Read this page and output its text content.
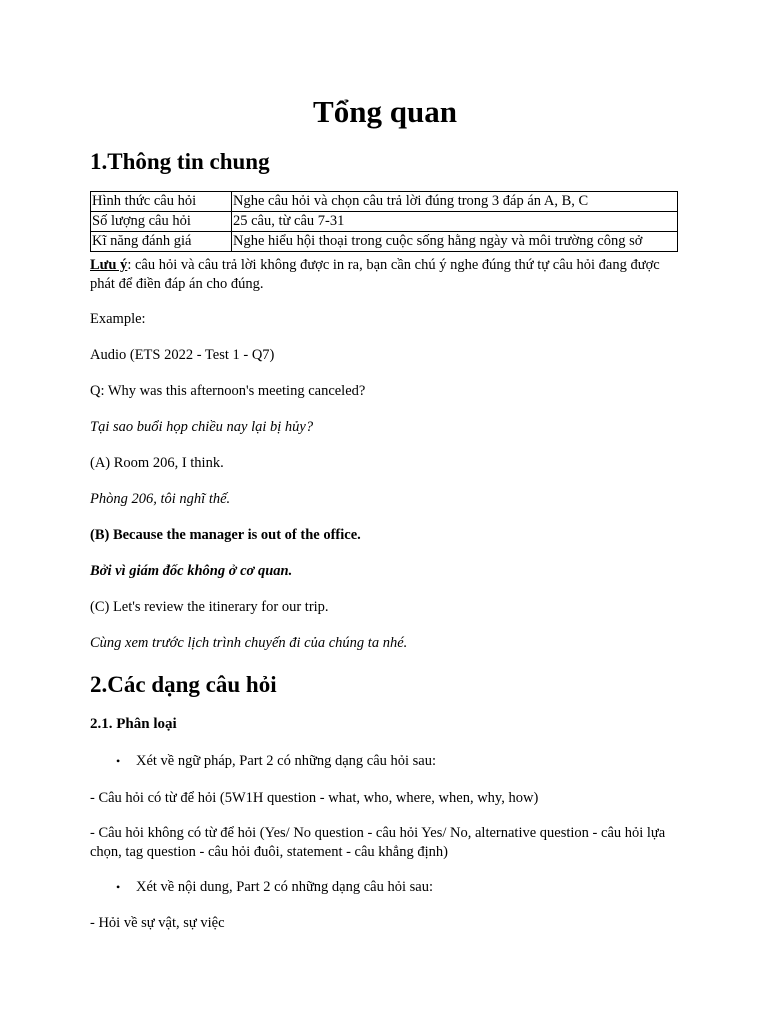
Tổng quan
1.Thông tin chung
Hình thức câu hỏi	Nghe câu hỏi và chọn câu trả lời đúng trong 3 đáp án A, B, C
Số lượng câu hỏi	25 câu, từ câu 7-31
Kĩ năng đánh giá	Nghe hiểu hội thoại trong cuộc sống hằng ngày và môi trường công sở

Lưu ý: câu hỏi và câu trả lời không được in ra, bạn cần chú ý nghe đúng thứ tự câu hỏi đang được phát để điền đáp án cho đúng.

Example:

Audio (ETS 2022 - Test 1 - Q7)

Q: Why was this afternoon's meeting canceled?

Tại sao buổi họp chiều nay lại bị hủy?

(A) Room 206, I think.

Phòng 206, tôi nghĩ thế.

(B) Because the manager is out of the office.

Bởi vì giám đốc không ở cơ quan.

(C) Let's review the itinerary for our trip.

Cùng xem trước lịch trình chuyến đi của chúng ta nhé.

2.Các dạng câu hỏi
2.1. Phân loại
• Xét về ngữ pháp, Part 2 có những dạng câu hỏi sau:

- Câu hỏi có từ để hỏi (5W1H question - what, who, where, when, why, how)

- Câu hỏi không có từ để hỏi (Yes/ No question - câu hỏi Yes/ No, alternative question - câu hỏi lựa chọn, tag question - câu hỏi đuôi, statement - câu khẳng định)

• Xét về nội dung, Part 2 có những dạng câu hỏi sau:

- Hỏi về sự vật, sự việc
